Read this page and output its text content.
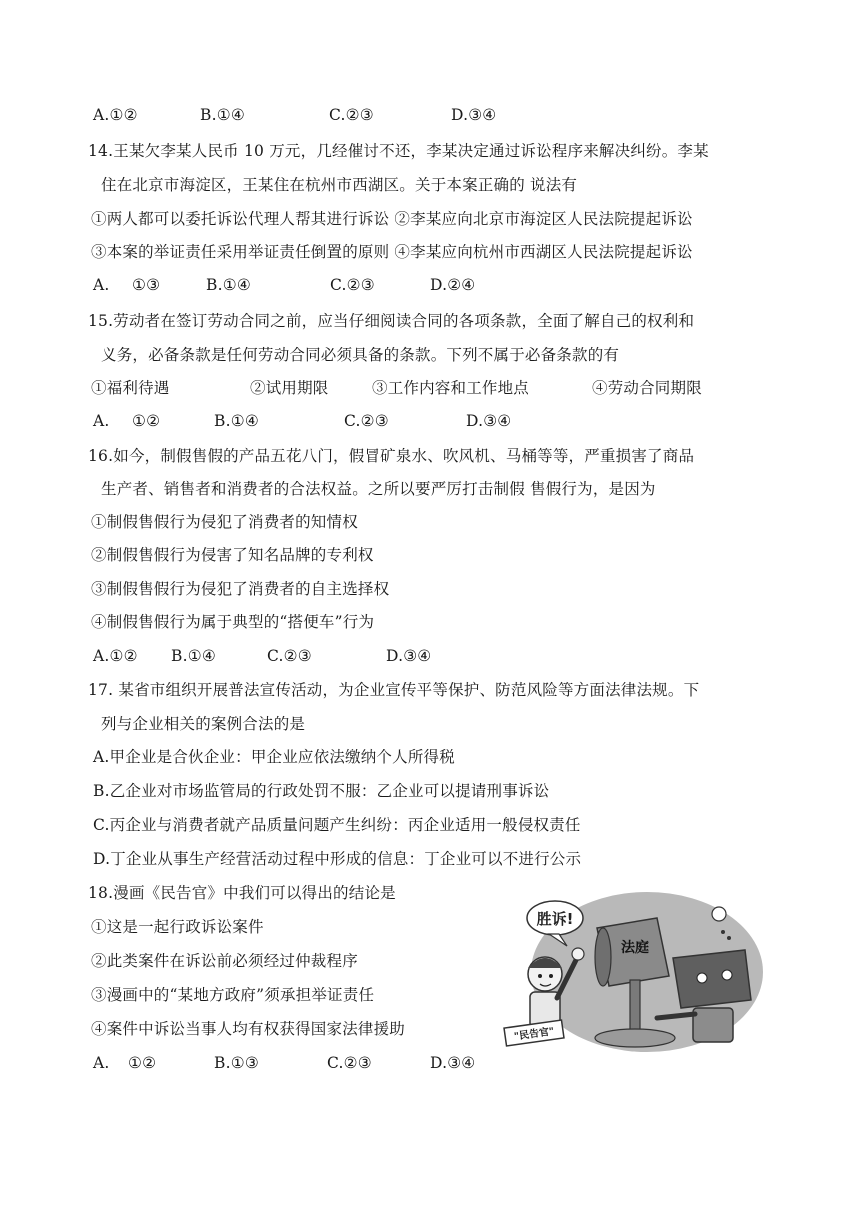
A.①②	B.①④	C.②③	D.③④
14.王某欠李某人民币 10 万元，几经催讨不还，李某决定通过诉讼程序来解决纠纷。李某
住在北京市海淀区，王某住在杭州市西湖区。关于本案正确的 说法有
①两人都可以委托诉讼代理人帮其进行诉讼 ②李某应向北京市海淀区人民法院提起诉讼
③本案的举证责任采用举证责任倒置的原则 ④李某应向杭州市西湖区人民法院提起诉讼
A. ①③	B.①④	C.②③	D.②④
15.劳动者在签订劳动合同之前，应当仔细阅读合同的各项条款，全面了解自己的权利和
义务，必备条款是任何劳动合同必须具备的条款。下列不属于必备条款的有
①福利待遇	②试用期限	③工作内容和工作地点	④劳动合同期限
A. ①②	B.①④	C.②③	D.③④
16.如今，制假售假的产品五花八门，假冒矿泉水、吹风机、马桶等等，严重损害了商品
生产者、销售者和消费者的合法权益。之所以要严厉打击制假 售假行为，是因为
①制假售假行为侵犯了消费者的知情权
②制假售假行为侵害了知名品牌的专利权
③制假售假行为侵犯了消费者的自主选择权
④制假售假行为属于典型的“搭便车”行为
A.①② B.①④	C.②③	D.③④
17. 某省市组织开展普法宣传活动，为企业宣传平等保护、防范风险等方面法律法规。下
列与企业相关的案例合法的是
A.甲企业是合伙企业：甲企业应依法缴纳个人所得税
B.乙企业对市场监管局的行政处罚不服：乙企业可以提请刑事诉讼
C.丙企业与消费者就产品质量问题产生纠纷：丙企业适用一般侵权责任
D.丁企业从事生产经营活动过程中形成的信息：丁企业可以不进行公示
18.漫画《民告官》中我们可以得出的结论是
①这是一起行政诉讼案件
②此类案件在诉讼前必须经过仲裁程序
③漫画中的“某地方政府”须承担举证责任
④案件中诉讼当事人均有权获得国家法律援助
A. ①②	B.①③	C.②③	D.③④
胜诉!
"民告官"
法庭
